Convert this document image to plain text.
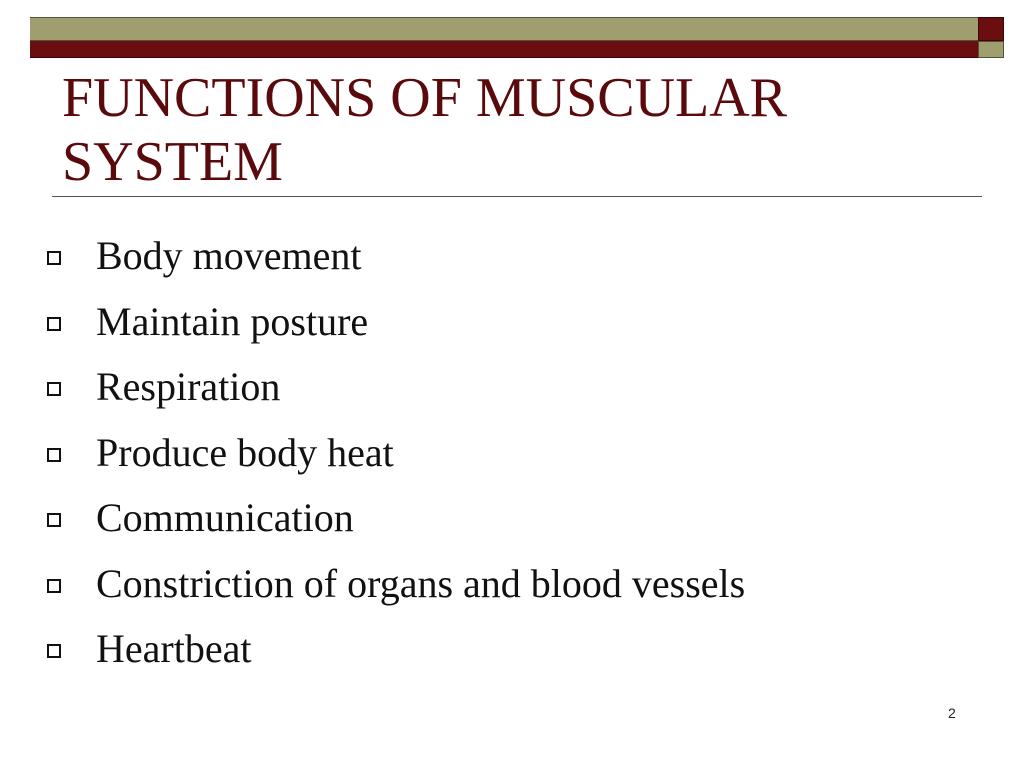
FUNCTIONS OF MUSCULAR SYSTEM
Body movement
Maintain posture
Respiration
Produce body heat
Communication
Constriction of organs and blood vessels
Heartbeat
2
